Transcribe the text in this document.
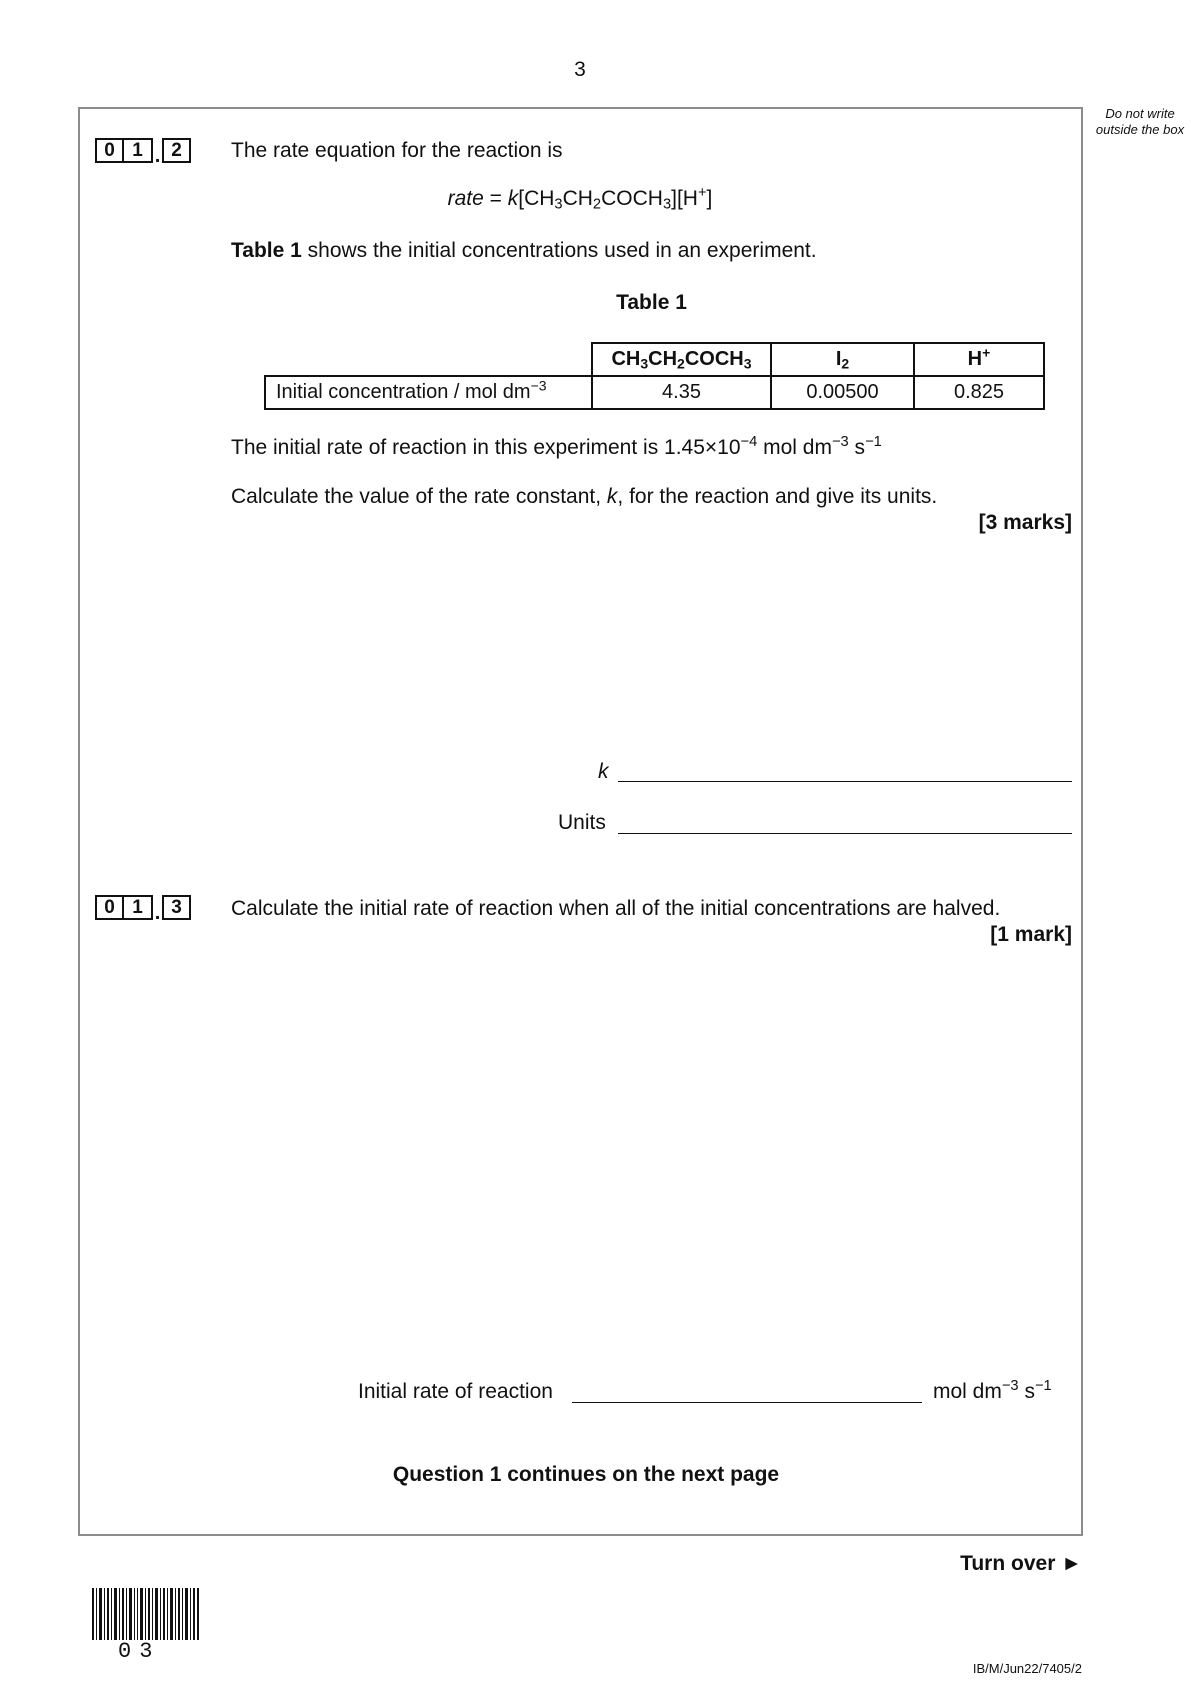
3
Do not write outside the box
0 1 . 2	The rate equation for the reaction is
rate = $k[CH_3CH_2COCH_3][H^+]$
Table 1 shows the initial concentrations used in an experiment.
Table 1
	$CH_3CH_2COCH_3$	$I_2$	H+
Initial concentration / mol $dm^{-3}$	4.35	0.00500	0.825
The initial rate of reaction in this experiment is $1.45\times 10^{-4}$ mol $dm^{-3}$ $s^{-1}$
Calculate the value of the rate constant, k, for the reaction and give its units.
[3 marks]
k
Units
0 1 . 3	Calculate the initial rate of reaction when all of the initial concentrations are halved.
[1 mark]
Initial rate of reaction	mol $dm^{-3}$ $s^{-1}$
Question 1 continues on the next page
Turn over ►
03
IB/M/Jun22/7405/2
